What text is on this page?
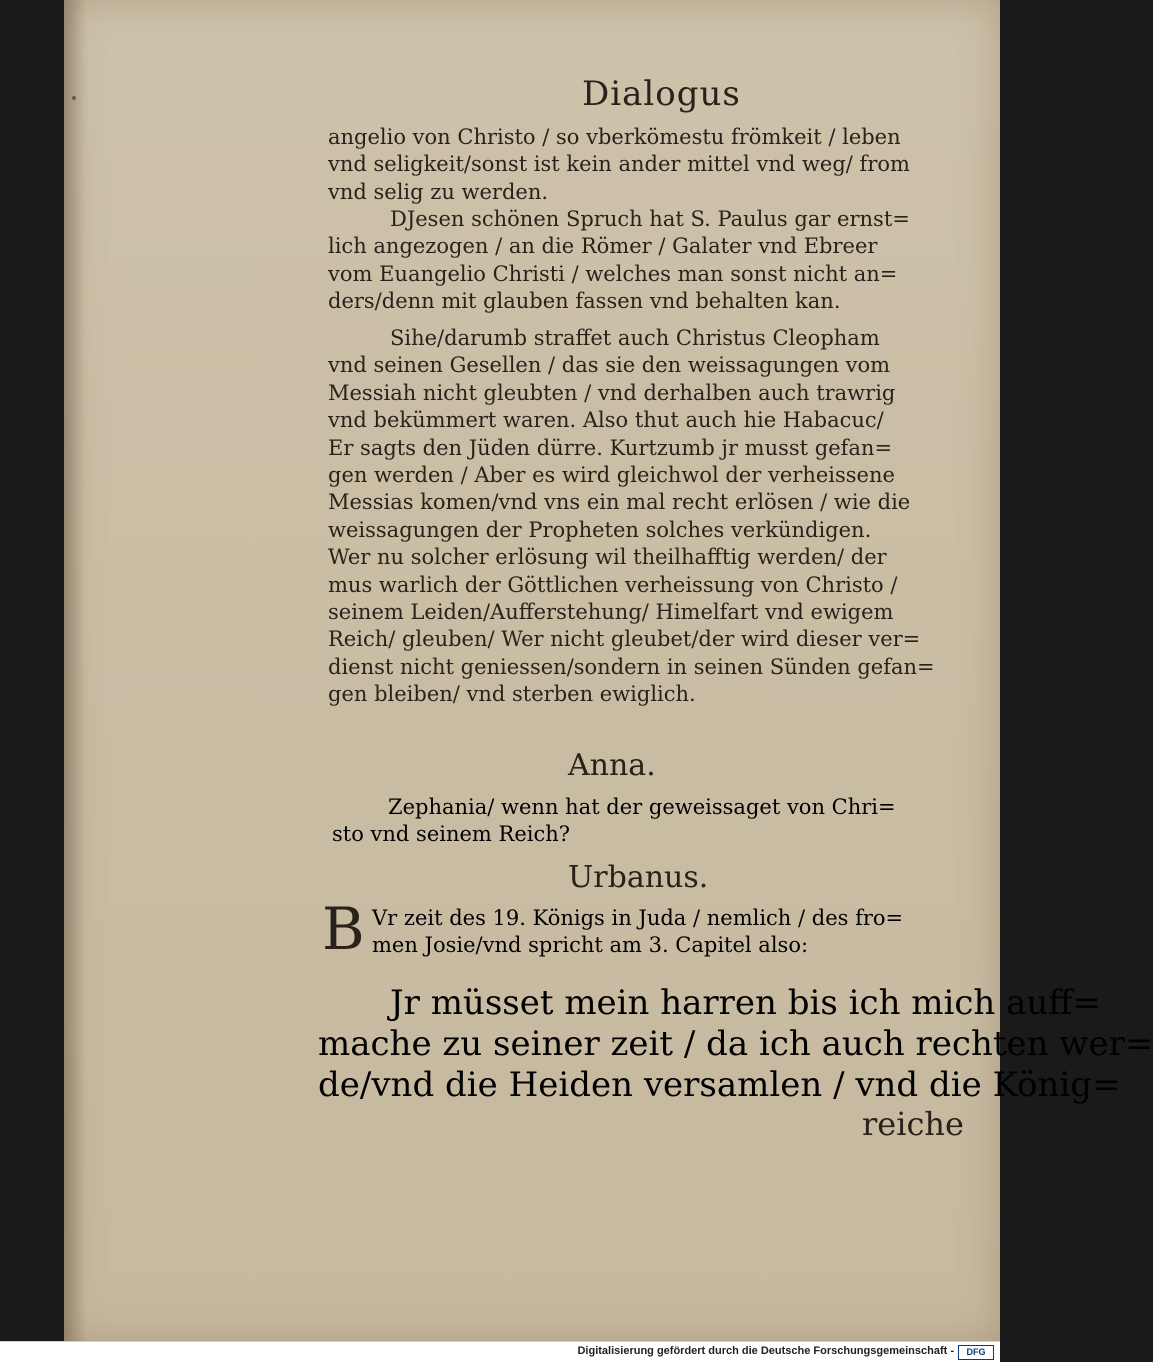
Dialogus
angelio von Christo / so vberkömestu frömkeit / leben
vnd seligkeit/sonst ist kein ander mittel vnd weg/ from
vnd selig zu werden.
DJesen schönen Spruch hat S. Paulus gar ernst=
lich angezogen / an die Römer / Galater vnd Ebreer
vom Euangelio Christi / welches man sonst nicht an=
ders/denn mit glauben fassen vnd behalten kan.
Sihe/darumb straffet auch Christus Cleopham
vnd seinen Gesellen / das sie den weissagungen vom
Messiah nicht gleubten / vnd derhalben auch trawrig
vnd bekümmert waren. Also thut auch hie Habacuc/
Er sagts den Jüden dürre. Kurtzumb jr musst gefan=
gen werden / Aber es wird gleichwol der verheissene
Messias komen/vnd vns ein mal recht erlösen / wie die
weissagungen der Propheten solches verkündigen.
Wer nu solcher erlösung wil theilhafftig werden/ der
mus warlich der Göttlichen verheissung von Christo /
seinem Leiden/Aufferstehung/ Himelfart vnd ewigem
Reich/ gleuben/ Wer nicht gleubet/der wird dieser ver=
dienst nicht geniessen/sondern in seinen Sünden gefan=
gen bleiben/ vnd sterben ewiglich.
Anna.
Zephania/ wenn hat der geweissaget von Chri=
sto vnd seinem Reich?
Urbanus.
B Vr zeit des 19. Königs in Juda / nemlich / des fro=
men Josie/vnd spricht am 3. Capitel also:
Jr müsset mein harren bis ich mich auff=
mache zu seiner zeit / da ich auch rechten wer=
de/vnd die Heiden versamlen / vnd die König=
reiche
Digitalisierung gefördert durch die Deutsche Forschungsgemeinschaft -	DFG
